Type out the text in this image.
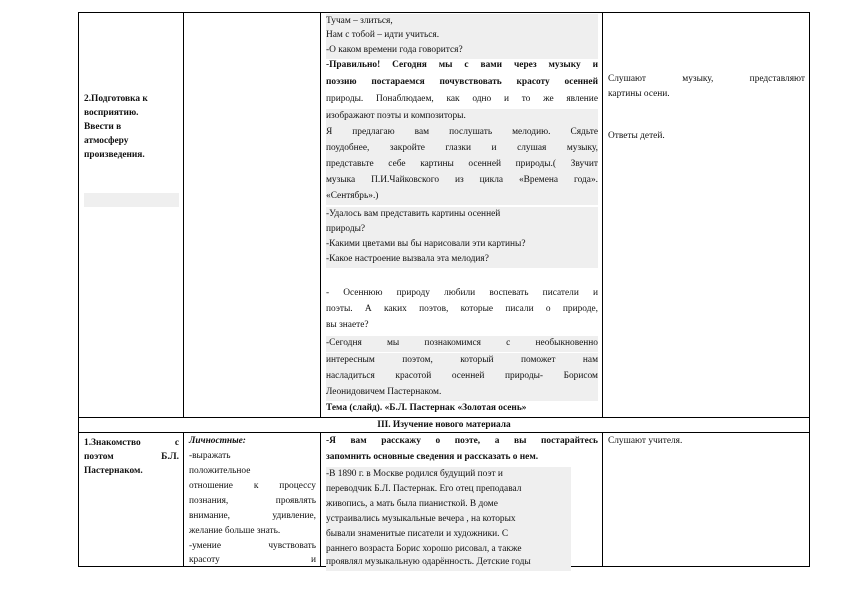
2.Подготовка к
восприятию.
Ввести в
атмосферу
произведения.
Тучам – злиться,
Нам с тобой – идти учиться.
-О каком времени года говорится?
-Правильно! Сегодня мы с вами через музыку и
поэзию постараемся почувствовать красоту осенней
природы. Понаблюдаем, как одно и то же явление
изображают поэты и композиторы.
Я предлагаю вам послушать мелодию. Сядьте
поудобнее, закройте глазки и слушая музыку,
представьте себе картины осенней природы.( Звучит
музыка П.И.Чайковского из цикла «Времена года».
«Сентябрь».)
-Удалось вам представить картины осенней
природы?
-Какими цветами вы бы нарисовали эти картины?
-Какое настроение вызвала эта мелодия?
- Осеннюю природу любили воспевать писатели и
поэты. А каких поэтов, которые писали о природе,
вы знаете?
-Сегодня мы познакомимся с необыкновенно
интересным поэтом, который поможет нам
насладиться красотой осенней природы- Борисом
Леонидовичем Пастернаком.
Тема (слайд). «Б.Л. Пастернак «Золотая осень»
Слушают музыку, представляют
картины осени.
Ответы детей.
III. Изучение нового материала
1.Знакомство с
поэтом Б.Л.
Пастернаком.
Личностные:
-выражать
положительное
отношение к процессу
познания, проявлять
внимание, удивление,
желание больше знать.
-умение чувствовать
красоту и
-Я вам расскажу о поэте, а вы постарайтесь
запомнить основные сведения и рассказать о нем.
-В 1890 г. в Москве родился будущий поэт и
переводчик Б.Л. Пастернак. Его отец преподавал
живопись, а мать была пианисткой. В доме
устраивались музыкальные вечера , на которых
бывали знаменитые писатели и художники. С
раннего возраста Борис хорошо рисовал, а также
проявлял музыкальную одарённость. Детские годы
Слушают учителя.
